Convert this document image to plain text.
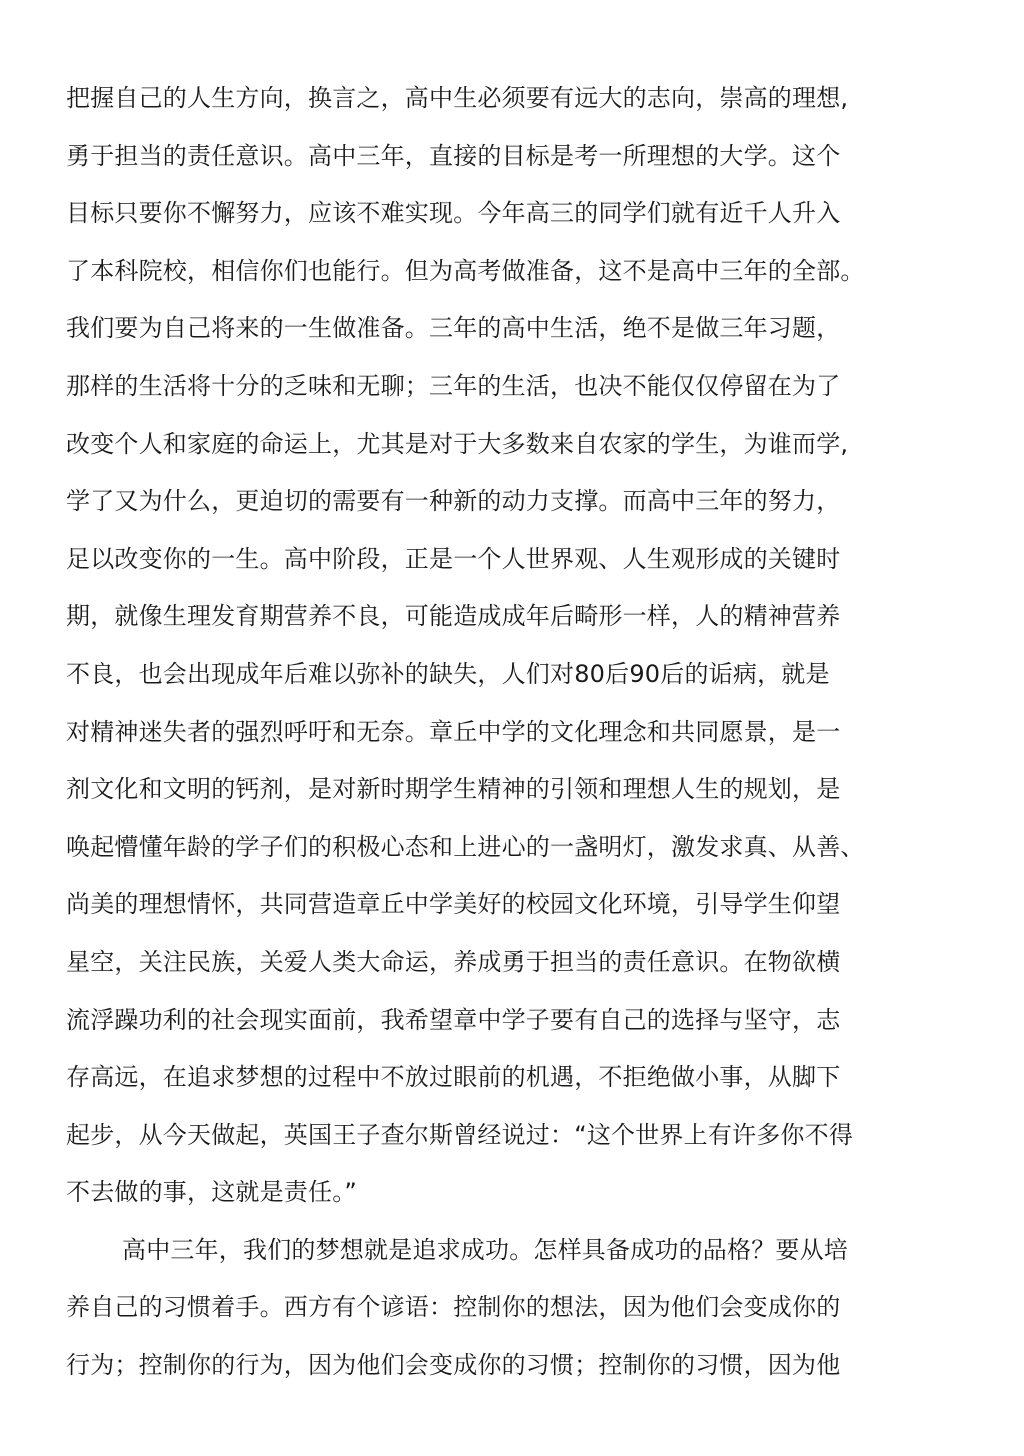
把握自己的人生方向，换言之，高中生必须要有远大的志向，崇高的理想,
勇于担当的责任意识。高中三年，直接的目标是考一所理想的大学。这个
目标只要你不懈努力，应该不难实现。今年高三的同学们就有近千人升入
了本科院校，相信你们也能行。但为高考做准备，这不是高中三年的全部。
我们要为自己将来的一生做准备。三年的高中生活，绝不是做三年习题，
那样的生活将十分的乏味和无聊；三年的生活，也决不能仅仅停留在为了
改变个人和家庭的命运上，尤其是对于大多数来自农家的学生，为谁而学,
学了又为什么，更迫切的需要有一种新的动力支撑。而高中三年的努力，
足以改变你的一生。高中阶段，正是一个人世界观、人生观形成的关键时
期，就像生理发育期营养不良，可能造成成年后畸形一样，人的精神营养
不良，也会出现成年后难以弥补的缺失，人们对80后90后的诟病，就是
对精神迷失者的强烈呼吁和无奈。章丘中学的文化理念和共同愿景，是一
剂文化和文明的钙剂，是对新时期学生精神的引领和理想人生的规划，是
唤起懵懂年龄的学子们的积极心态和上进心的一盏明灯，激发求真、从善、
尚美的理想情怀，共同营造章丘中学美好的校园文化环境，引导学生仰望
星空，关注民族，关爱人类大命运，养成勇于担当的责任意识。在物欲横
流浮躁功利的社会现实面前，我希望章中学子要有自己的选择与坚守，志
存高远，在追求梦想的过程中不放过眼前的机遇，不拒绝做小事，从脚下
起步，从今天做起，英国王子查尔斯曾经说过：“这个世界上有许多你不得
不去做的事，这就是责任。”
高中三年，我们的梦想就是追求成功。怎样具备成功的品格？要从培
养自己的习惯着手。西方有个谚语：控制你的想法，因为他们会变成你的
行为；控制你的行为，因为他们会变成你的习惯；控制你的习惯，因为他
